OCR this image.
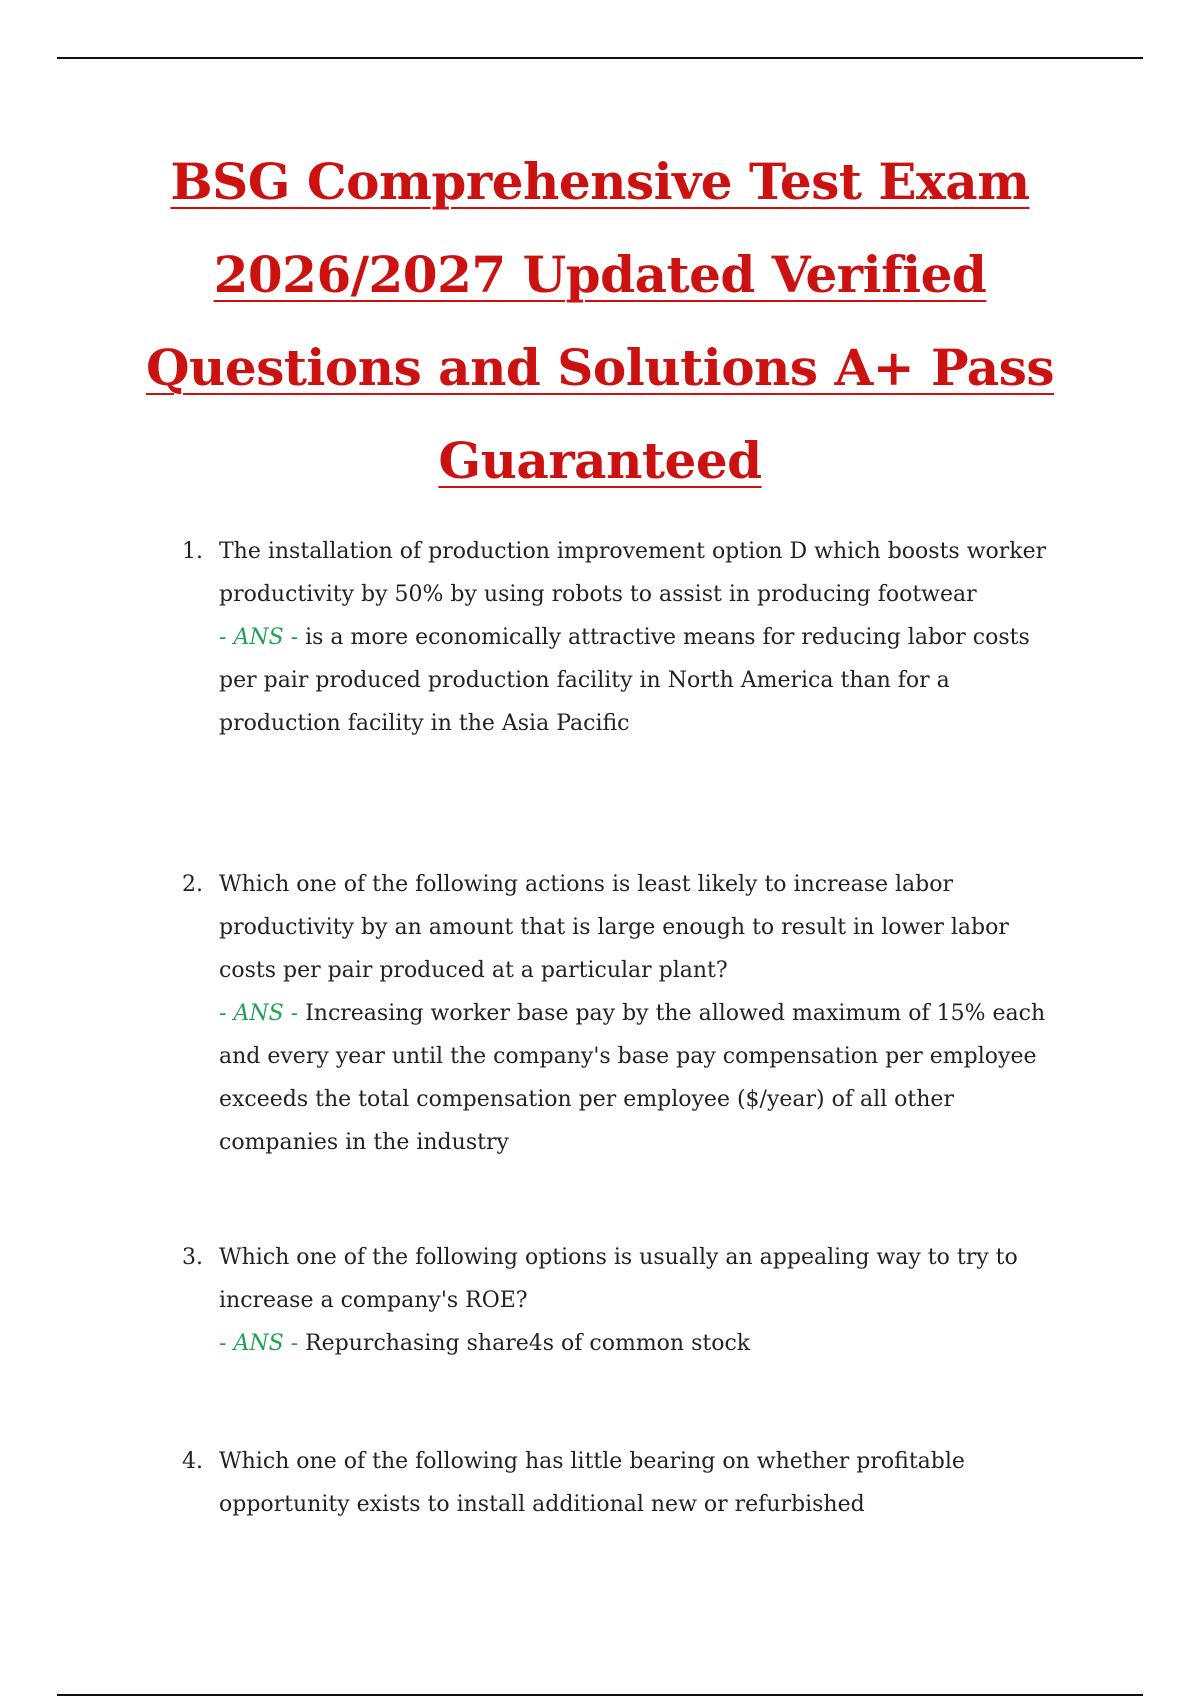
BSG Comprehensive Test Exam 2026/2027 Updated Verified Questions and Solutions A+ Pass Guaranteed
1. The installation of production improvement option D which boosts worker productivity by 50% by using robots to assist in producing footwear
- ANS - is a more economically attractive means for reducing labor costs per pair produced production facility in North America than for a production facility in the Asia Pacific
2. Which one of the following actions is least likely to increase labor productivity by an amount that is large enough to result in lower labor costs per pair produced at a particular plant?
- ANS - Increasing worker base pay by the allowed maximum of 15% each and every year until the company's base pay compensation per employee exceeds the total compensation per employee ($/year) of all other companies in the industry
3. Which one of the following options is usually an appealing way to try to increase a company's ROE?
- ANS - Repurchasing share4s of common stock
4. Which one of the following has little bearing on whether profitable opportunity exists to install additional new or refurbished
